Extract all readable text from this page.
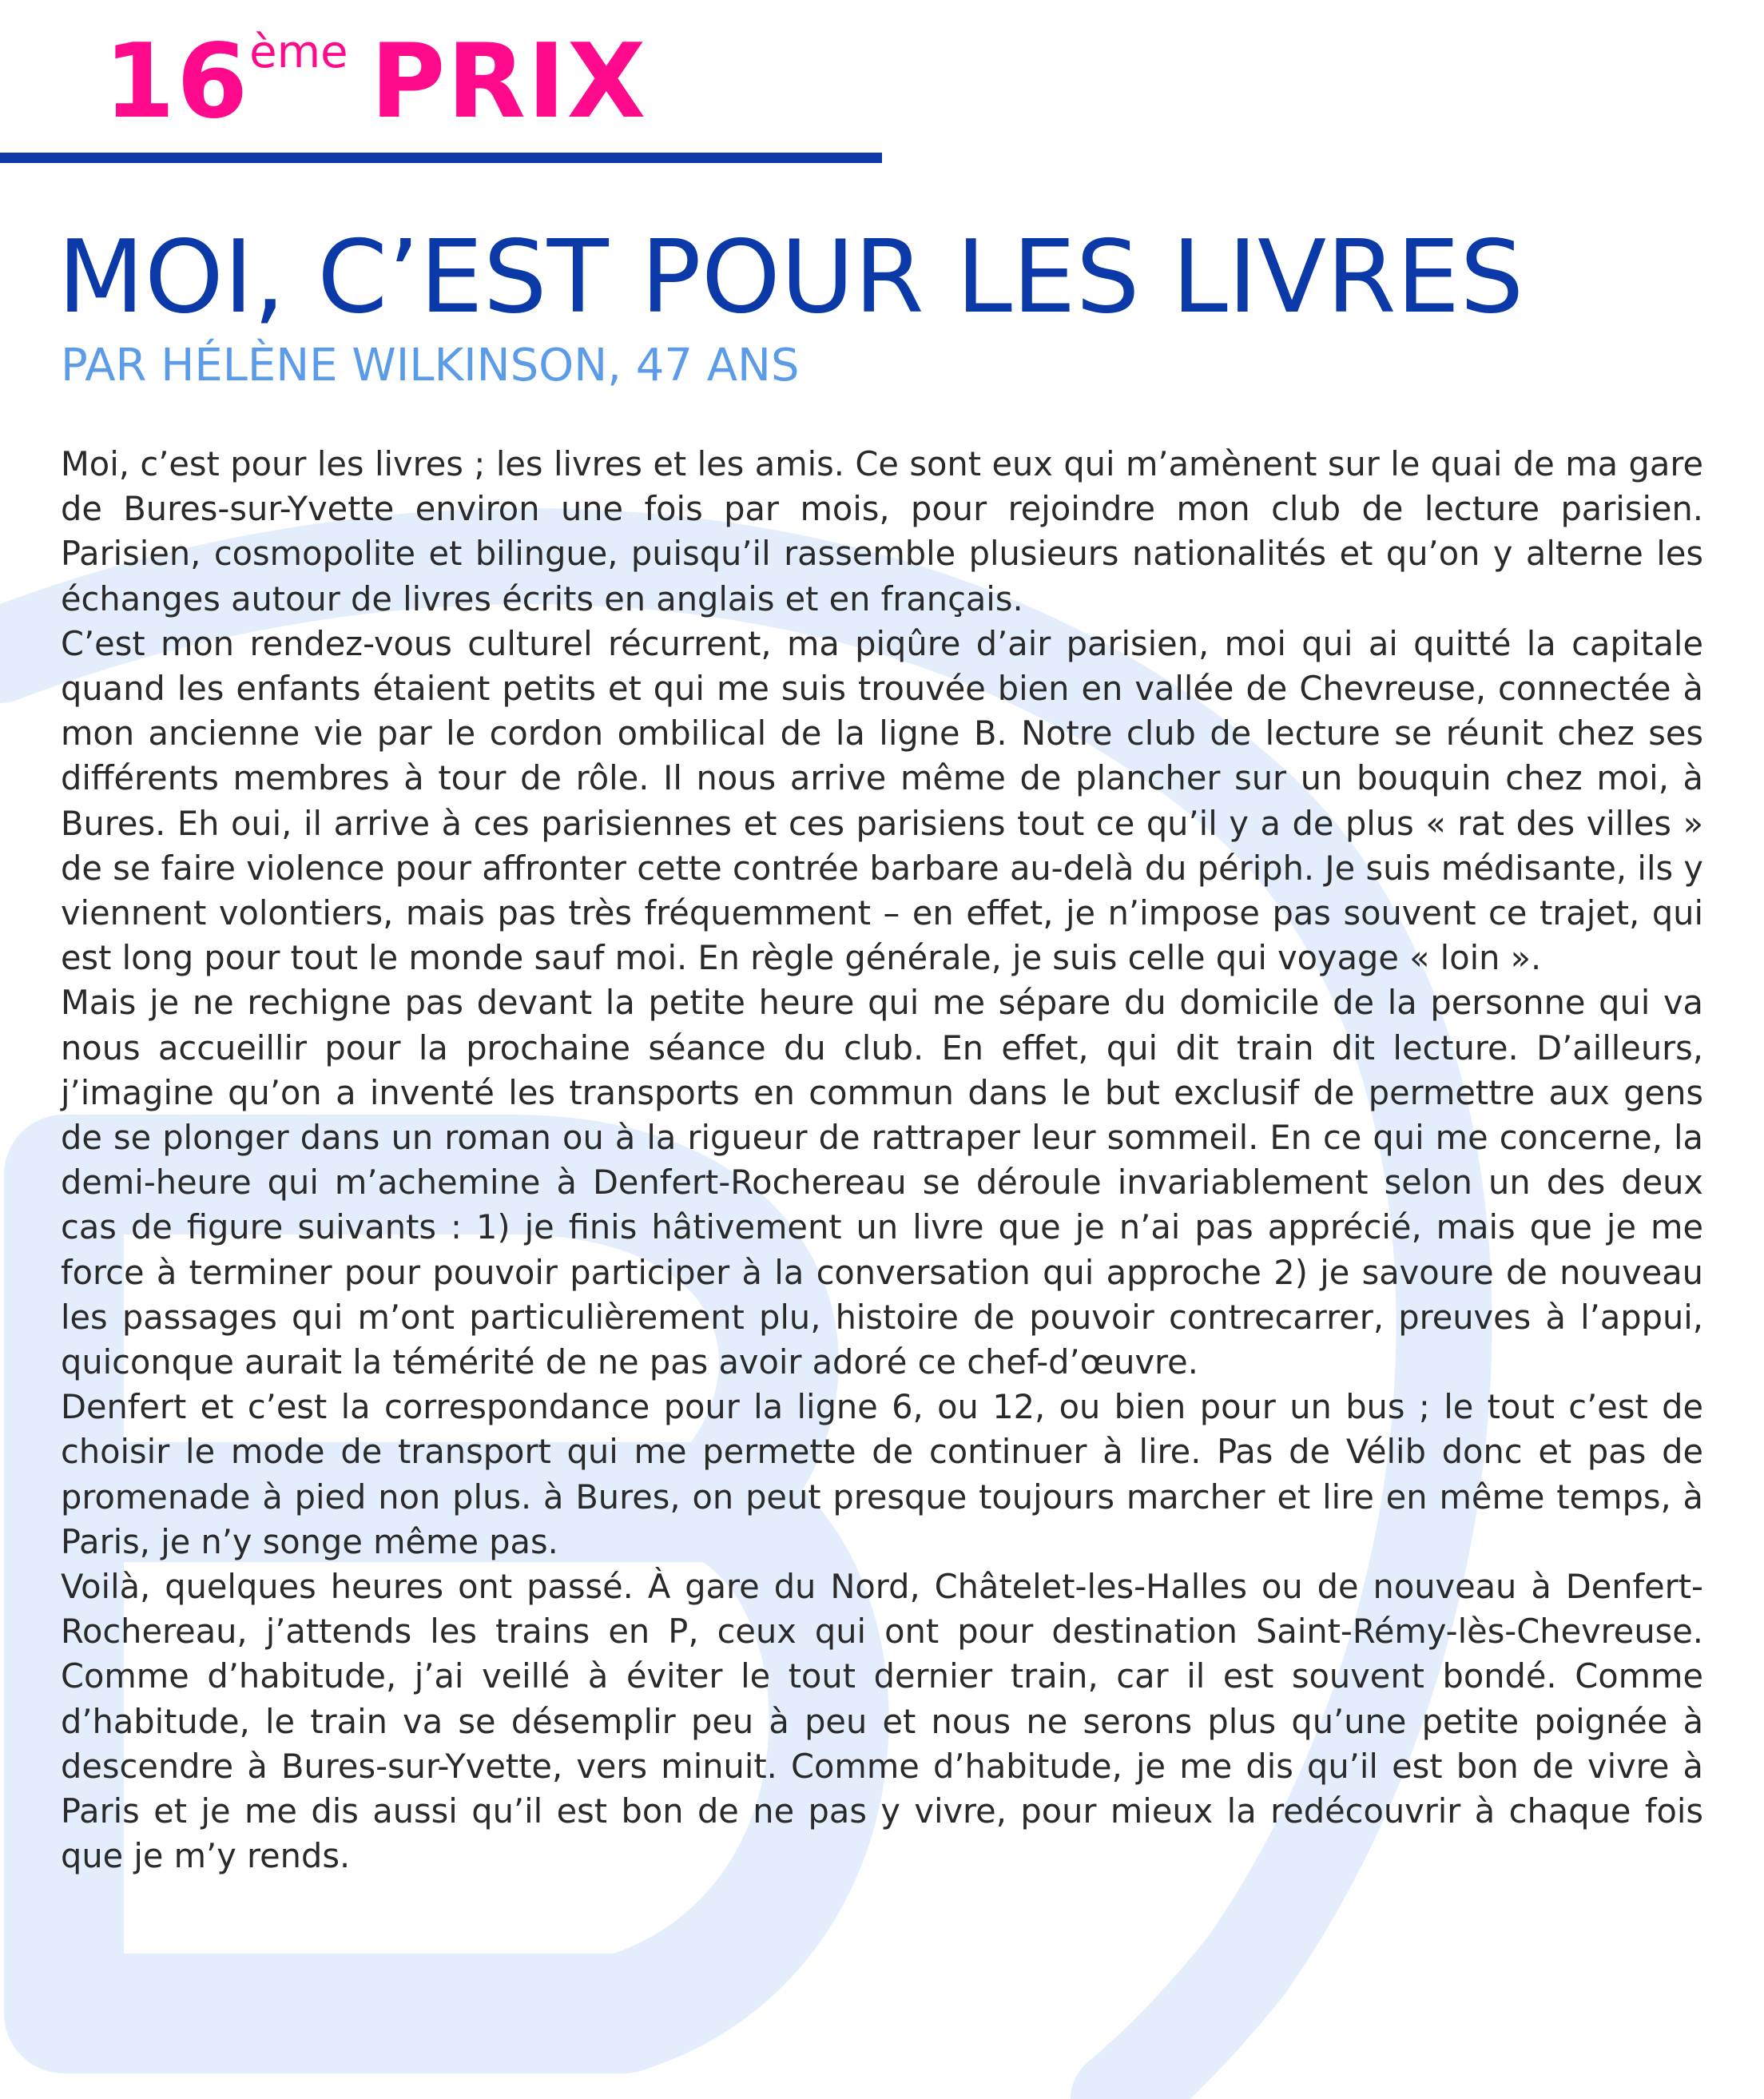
16ème PRIX
MOI, C’EST POUR LES LIVRES

PAR HÉLÈNE WILKINSON, 47 ANS

Moi, c’est pour les livres ; les livres et les amis. Ce sont eux qui m’amènent sur le quai de ma gare de Bures-sur-Yvette environ une fois par mois, pour rejoindre mon club de lecture parisien. Parisien, cosmopolite et bilingue, puisqu’il rassemble plusieurs nationalités et qu’on y alterne les échanges autour de livres écrits en anglais et en français.

C’est mon rendez-vous culturel récurrent, ma piqûre d’air parisien, moi qui ai quitté la capitale quand les enfants étaient petits et qui me suis trouvée bien en vallée de Chevreuse, connectée à mon ancienne vie par le cordon ombilical de la ligne B. Notre club de lecture se réunit chez ses différents membres à tour de rôle. Il nous arrive même de plancher sur un bouquin chez moi, à Bures. Eh oui, il arrive à ces parisiennes et ces parisiens tout ce qu’il y a de plus « rat des villes » de se faire violence pour affronter cette contrée barbare au-delà du périph. Je suis médisante, ils y viennent volontiers, mais pas très fréquemment – en effet, je n’impose pas souvent ce trajet, qui est long pour tout le monde sauf moi. En règle générale, je suis celle qui voyage « loin ».

Mais je ne rechigne pas devant la petite heure qui me sépare du domicile de la personne qui va nous accueillir pour la prochaine séance du club. En effet, qui dit train dit lecture. D’ailleurs, j’imagine qu’on a inventé les transports en commun dans le but exclusif de permettre aux gens de se plonger dans un roman ou à la rigueur de rattraper leur sommeil. En ce qui me concerne, la demi-heure qui m’achemine à Denfert-Rochereau se déroule invariablement selon un des deux cas de figure suivants : 1) je finis hâtivement un livre que je n’ai pas apprécié, mais que je me force à terminer pour pouvoir participer à la conversation qui approche 2) je savoure de nouveau les passages qui m’ont particulièrement plu, histoire de pouvoir contrecarrer, preuves à l’appui, quiconque aurait la témérité de ne pas avoir adoré ce chef-d’œuvre.

Denfert et c’est la correspondance pour la ligne 6, ou 12, ou bien pour un bus ; le tout c’est de choisir le mode de transport qui me permette de continuer à lire. Pas de Vélib donc et pas de promenade à pied non plus. à Bures, on peut presque toujours marcher et lire en même temps, à Paris, je n’y songe même pas.

Voilà, quelques heures ont passé. À gare du Nord, Châtelet-les-Halles ou de nouveau à Denfert-Rochereau, j’attends les trains en P, ceux qui ont pour destination Saint-Rémy-lès-Chevreuse. Comme d’habitude, j’ai veillé à éviter le tout dernier train, car il est souvent bondé. Comme d’habitude, le train va se désemplir peu à peu et nous ne serons plus qu’une petite poignée à descendre à Bures-sur-Yvette, vers minuit. Comme d’habitude, je me dis qu’il est bon de vivre à Paris et je me dis aussi qu’il est bon de ne pas y vivre, pour mieux la redécouvrir à chaque fois que je m’y rends.
